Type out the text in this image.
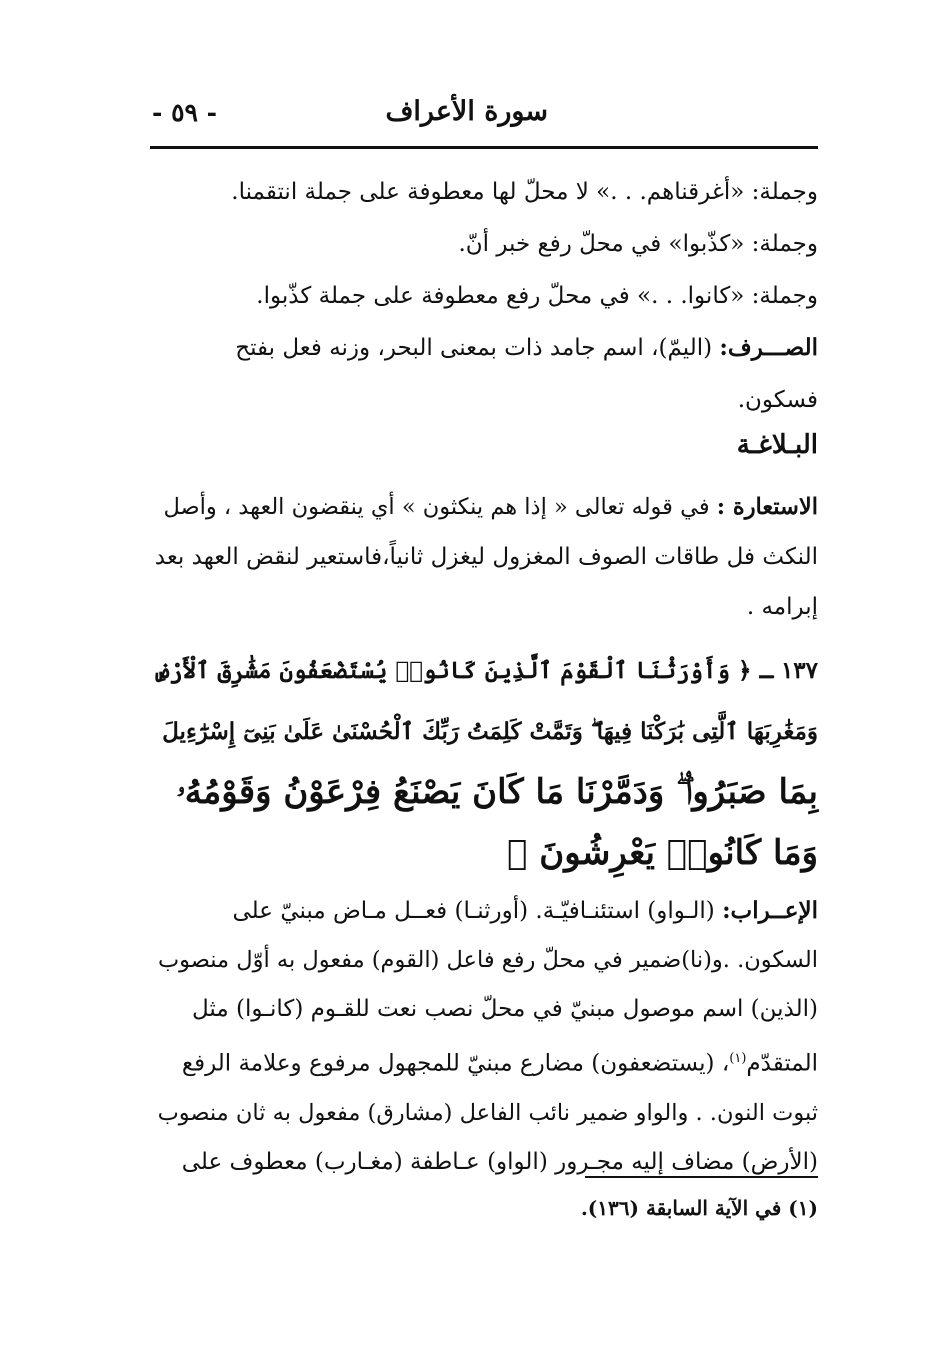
سورة الأعراف
- ٥٩ -
وجملة: «أغرقناهم. . .» لا محلّ لها معطوفة على جملة انتقمنا.
وجملة: «كذّبوا» في محلّ رفع خبر أنّ.
وجملة: «كانوا. . .» في محلّ رفع معطوفة على جملة كذّبوا.
الصـــرف: (اليمّ)، اسم جامد ذات بمعنى البحر، وزنه فعل بفتح
فسكون.
البـلاغـة
الاستعارة : في قوله تعالى « إذا هم ينكثون » أي ينقضون العهد ، وأصل
النكث فل طاقات الصوف المغزول ليغزل ثانياً،فاستعير لنقض العهد بعد
إبرامه .
١٣٧ ـ ﴿ وَأَوْرَثْنَا ٱلْقَوْمَ ٱلَّذِينَ كَانُوا۟ يُسْتَضْعَفُونَ مَشَٰرِقَ ٱلْأَرْضِ
وَمَغَٰرِبَهَا ٱلَّتِى بَٰرَكْنَا فِيهَا ۖ وَتَمَّتْ كَلِمَتُ رَبِّكَ ٱلْحُسْنَىٰ عَلَىٰ بَنِىٓ إِسْرَٰٓءِيلَ
بِمَا صَبَرُوا۟ ۖ وَدَمَّرْنَا مَا كَانَ يَصْنَعُ فِرْعَوْنُ وَقَوْمُهُۥ
وَمَا كَانُوا۟ يَعْرِشُونَ ﴾
الإعــراب: (الـواو) استئنـافيّـة. (أورثنـا) فعــل مـاض مبنيّ على
السكون. .و(نا)ضمير في محلّ رفع فاعل (القوم) مفعول به أوّل منصوب
(الذين) اسم موصول مبنيّ في محلّ نصب نعت للقـوم (كانـوا) مثل
المتقدّم$^{(١)}$، (يستضعفون) مضارع مبنيّ للمجهول مرفوع وعلامة الرفع
ثبوت النون. . والواو ضمير نائب الفاعل (مشارق) مفعول به ثان منصوب
(الأرض) مضاف إليه مجـرور (الواو) عـاطفة (مغـارب) معطوف على
(١) في الآية السابقة (١٣٦).
